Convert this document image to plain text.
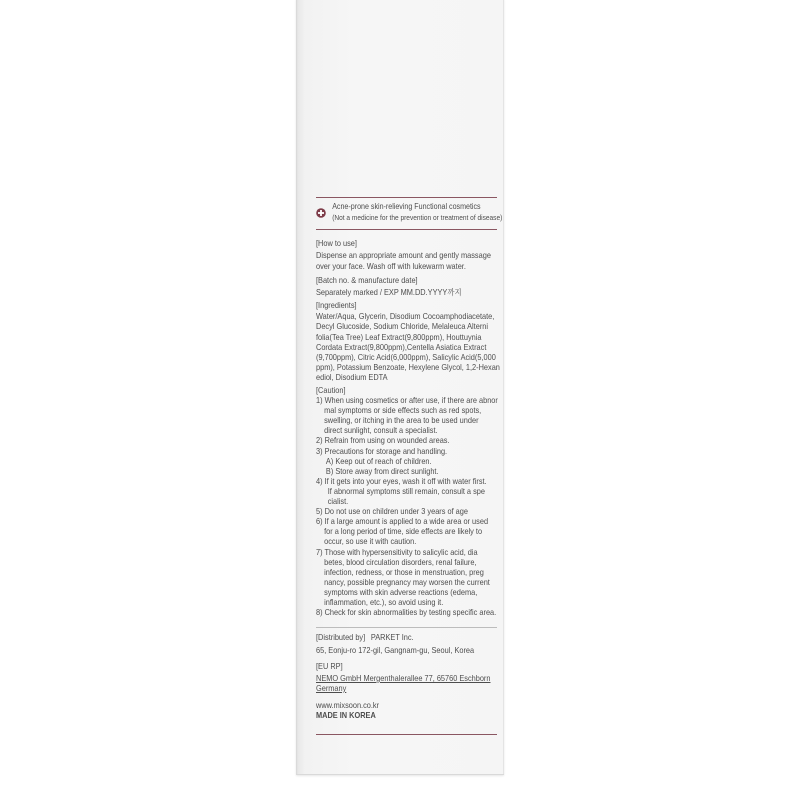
Acne-prone skin-relieving Functional cosmetics
(Not a medicine for the prevention or treatment of disease)
[How to use]
Dispense an appropriate amount and gently massage
over your face. Wash off with lukewarm water.
[Batch no. & manufacture date]
Separately marked / EXP MM.DD.YYYY까지
[Ingredients]
Water/Aqua, Glycerin, Disodium Cocoamphodiacetate,
Decyl Glucoside, Sodium Chloride, Melaleuca Alterni
folia(Tea Tree) Leaf Extract(9,800ppm), Houttuynia
Cordata Extract(9,800ppm),Centella Asiatica Extract
(9,700ppm), Citric Acid(6,000ppm), Salicylic Acid(5,000
ppm), Potassium Benzoate, Hexylene Glycol, 1,2-Hexan
ediol, Disodium EDTA
[Caution]
1) When using cosmetics or after use, if there are abnor
mal symptoms or side effects such as red spots,
swelling, or itching in the area to be used under
direct sunlight, consult a specialist.
2) Refrain from using on wounded areas.
3) Precautions for storage and handling.
A) Keep out of reach of children.
B) Store away from direct sunlight.
4) If it gets into your eyes, wash it off with water first.
If abnormal symptoms still remain, consult a spe
cialist.
5) Do not use on children under 3 years of age
6) If a large amount is applied to a wide area or used
for a long period of time, side effects are likely to
occur, so use it with caution.
7) Those with hypersensitivity to salicylic acid, dia
betes, blood circulation disorders, renal failure,
infection, redness, or those in menstruation, preg
nancy, possible pregnancy may worsen the current
symptoms with skin adverse reactions (edema,
inflammation, etc.), so avoid using it.
8) Check for skin abnormalities by testing specific area.
[Distributed by] PARKET Inc.
65, Eonju-ro 172-gil, Gangnam-gu, Seoul, Korea
[EU RP]
NEMO GmbH Mergenthalerallee 77, 65760 Eschborn
Germany
www.mixsoon.co.kr
MADE IN KOREA
